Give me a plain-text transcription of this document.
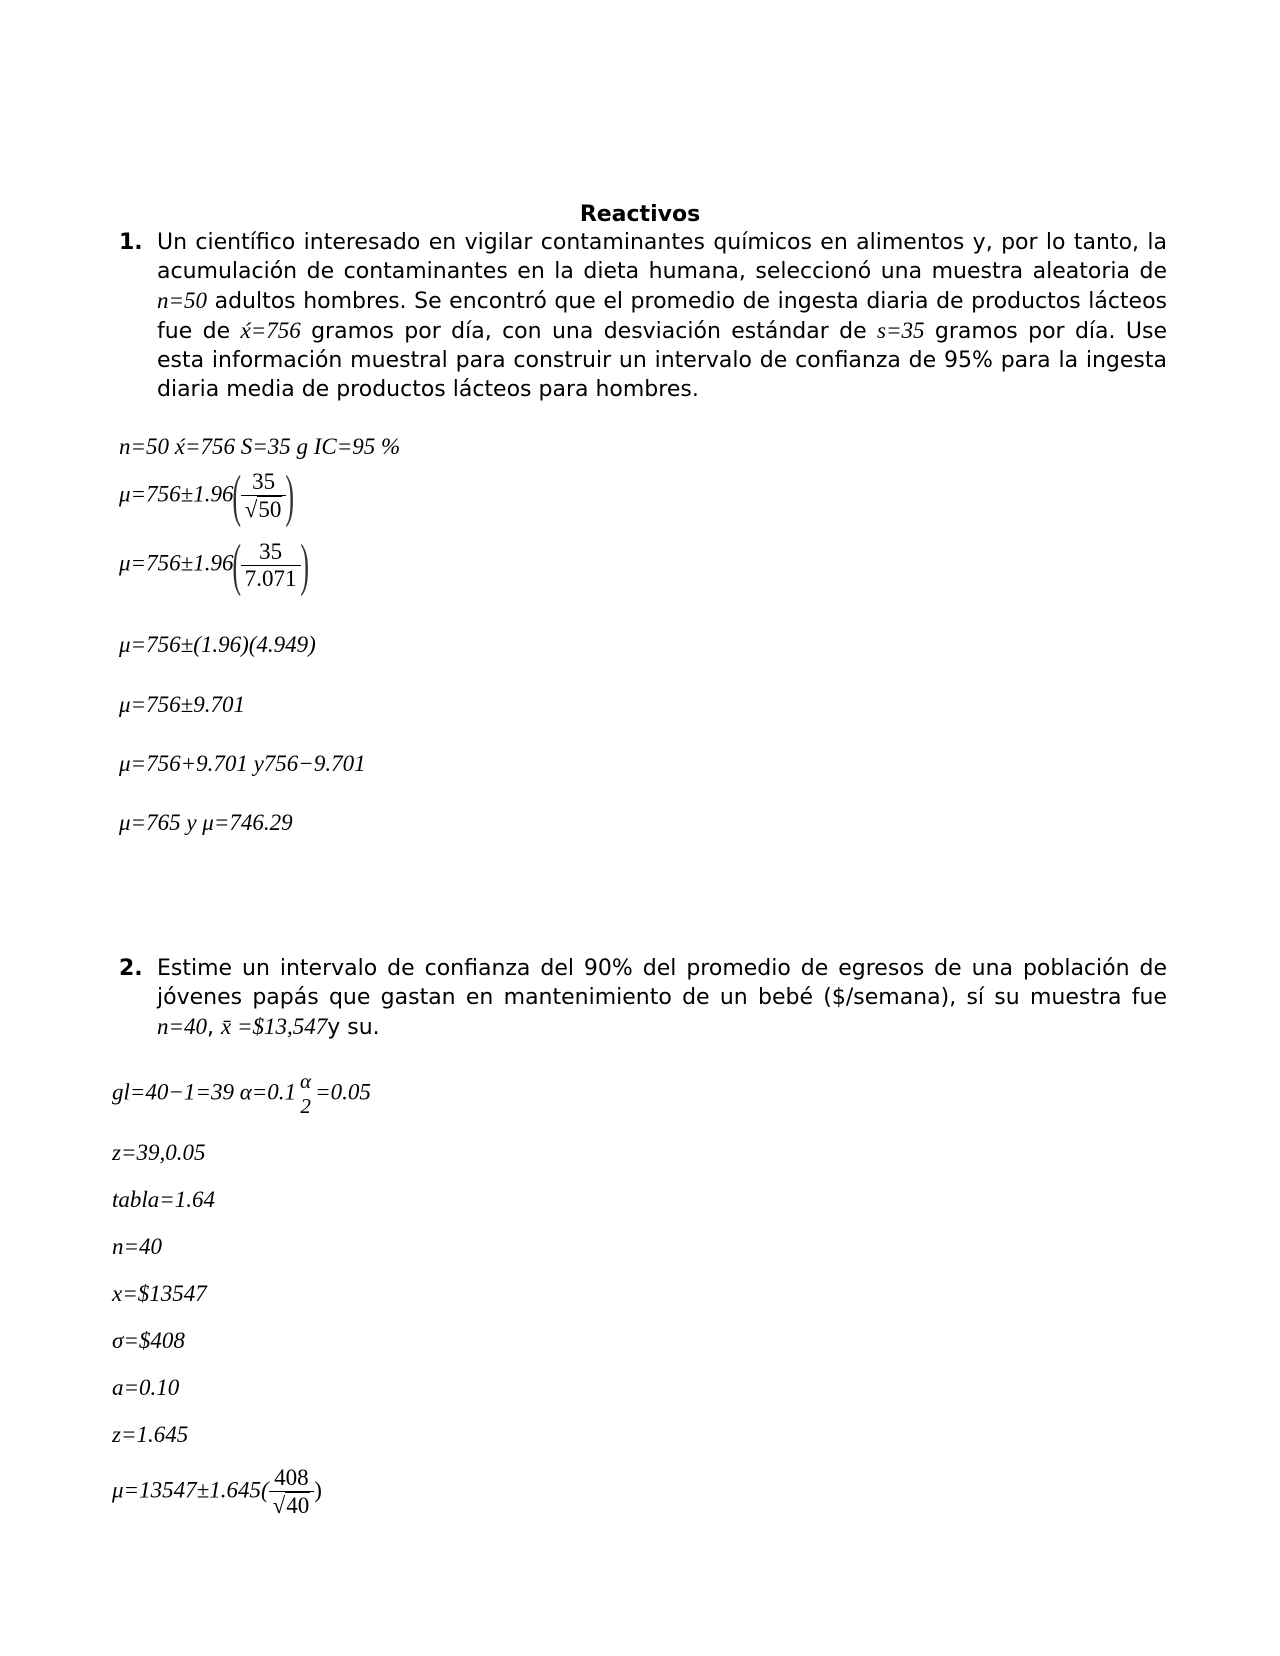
Reactivos
1. Un científico interesado en vigilar contaminantes químicos en alimentos y, por lo tanto, la acumulación de contaminantes en la dieta humana, seleccionó una muestra aleatoria de n=50 adultos hombres. Se encontró que el promedio de ingesta diaria de productos lácteos fue de x́=756 gramos por día, con una desviación estándar de s=35 gramos por día. Use esta información muestral para construir un intervalo de confianza de 95% para la ingesta diaria media de productos lácteos para hombres.
n=50 x́=756 S=35 g IC=95 %
$\mu=756\pm 1.96( \frac{35}{√50}$ )
$\mu=756\pm 1.96( \frac{35}{7.071}$ )
μ=756±(1.96)(4.949)
μ=756±9.701
μ=756+9.701 y756−9.701
μ=765 y μ=746.29
2. Estime un intervalo de confianza del 90% del promedio de egresos de una población de jóvenes papás que gastan en mantenimiento de un bebé ($/semana), sí su muestra fue n=40, x̄ =$13,547y su.
gl=40−1=39 α=0.1 α
2
=0.05
z=39,0.05
tabla=1.64
n=40
x=$13547
σ=$408
a=0.10
z=1.645
$\mu=13547\pm 1.645( \frac{408}{√40}$ )
